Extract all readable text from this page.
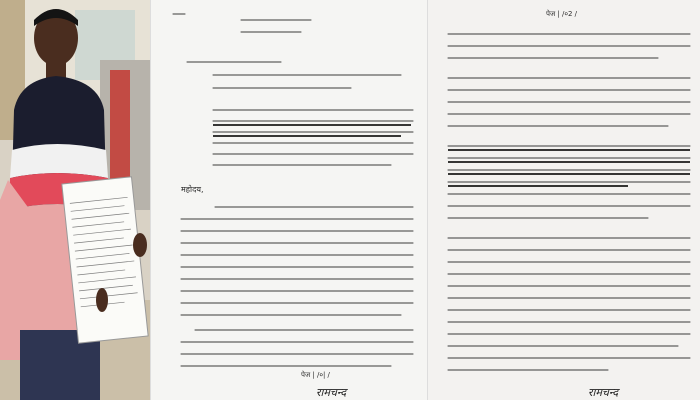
महोदय,
पेज | /०| /
रामचन्द
पेज | /०2 /
रामचन्द
